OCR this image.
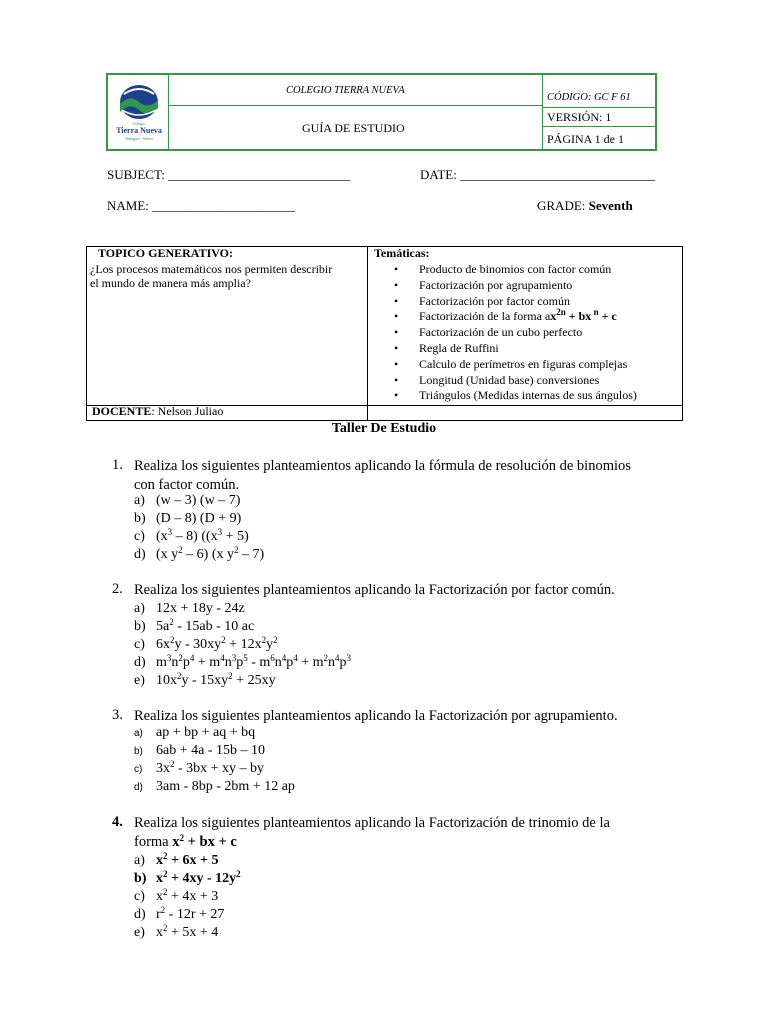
COLEGIO TIERRA NUEVA
GUÍA DE ESTUDIO
CÓDIGO: GC F 61
VERSIÓN: 1
PÁGINA 1 de 1
Colegio
Tierra Nueva
Bilingüe · Mixto
SUBJECT: ____________________________	DATE: ______________________________
NAME: ______________________	GRADE: Seventh
TOPICO GENERATIVO:
¿Los procesos matemáticos nos permiten describir
el mundo de manera más amplia?
Temáticas:
• Producto de binomios con factor común
• Factorización por agrupamiento
• Factorización por factor común
• Factorización de la forma $ax^{2n}$ + bx $^n$ + c
• Factorización de un cubo perfecto
• Regla de Ruffini
• Calculo de perímetros en figuras complejas
• Longitud (Unidad base) conversiones
• Triángulos (Medidas internas de sus ángulos)
DOCENTE: Nelson Juliao
Taller De Estudio
1. Realiza los siguientes planteamientos aplicando la fórmula de resolución de binomios
con factor común.
a) (w – 3) (w – 7)
b) (D – 8) (D + 9)
c) $(x^3 - 8) ((x^3 + 5)$
d) (x $y^2 - 6$) (x $y^2 - 7$)
2. Realiza los siguientes planteamientos aplicando la Factorización por factor común.
a) 12x + 18y - 24z
b) $5a^2 - 15ab - 10$ ac
c) $6x^2y - 30xy^2 + 12x^2y^2$
d) $m^3n^2p^4 + m^4n^3p^5 - m^6n^4p^4 + m^2n^4p^3$
e) $10x^2y - 15xy^2 + 25xy$
3. Realiza los siguientes planteamientos aplicando la Factorización por agrupamiento.
a) ap + bp + aq + bq
b) 6ab + 4a - 15b – 10
c) $3x^2 - 3bx$ + xy – by
d) 3am - 8bp - 2bm + 12 ap
4. Realiza los siguientes planteamientos aplicando la Factorización de trinomio de la
forma $x^2$ + bx + c
a) $x^2 + 6x + 5$
b) $x^2 + 4xy - 12y^2$
c) $x^2 + 4x + 3$
d) $r^2 - 12r + 27$
e) $x^2 + 5x + 4$
